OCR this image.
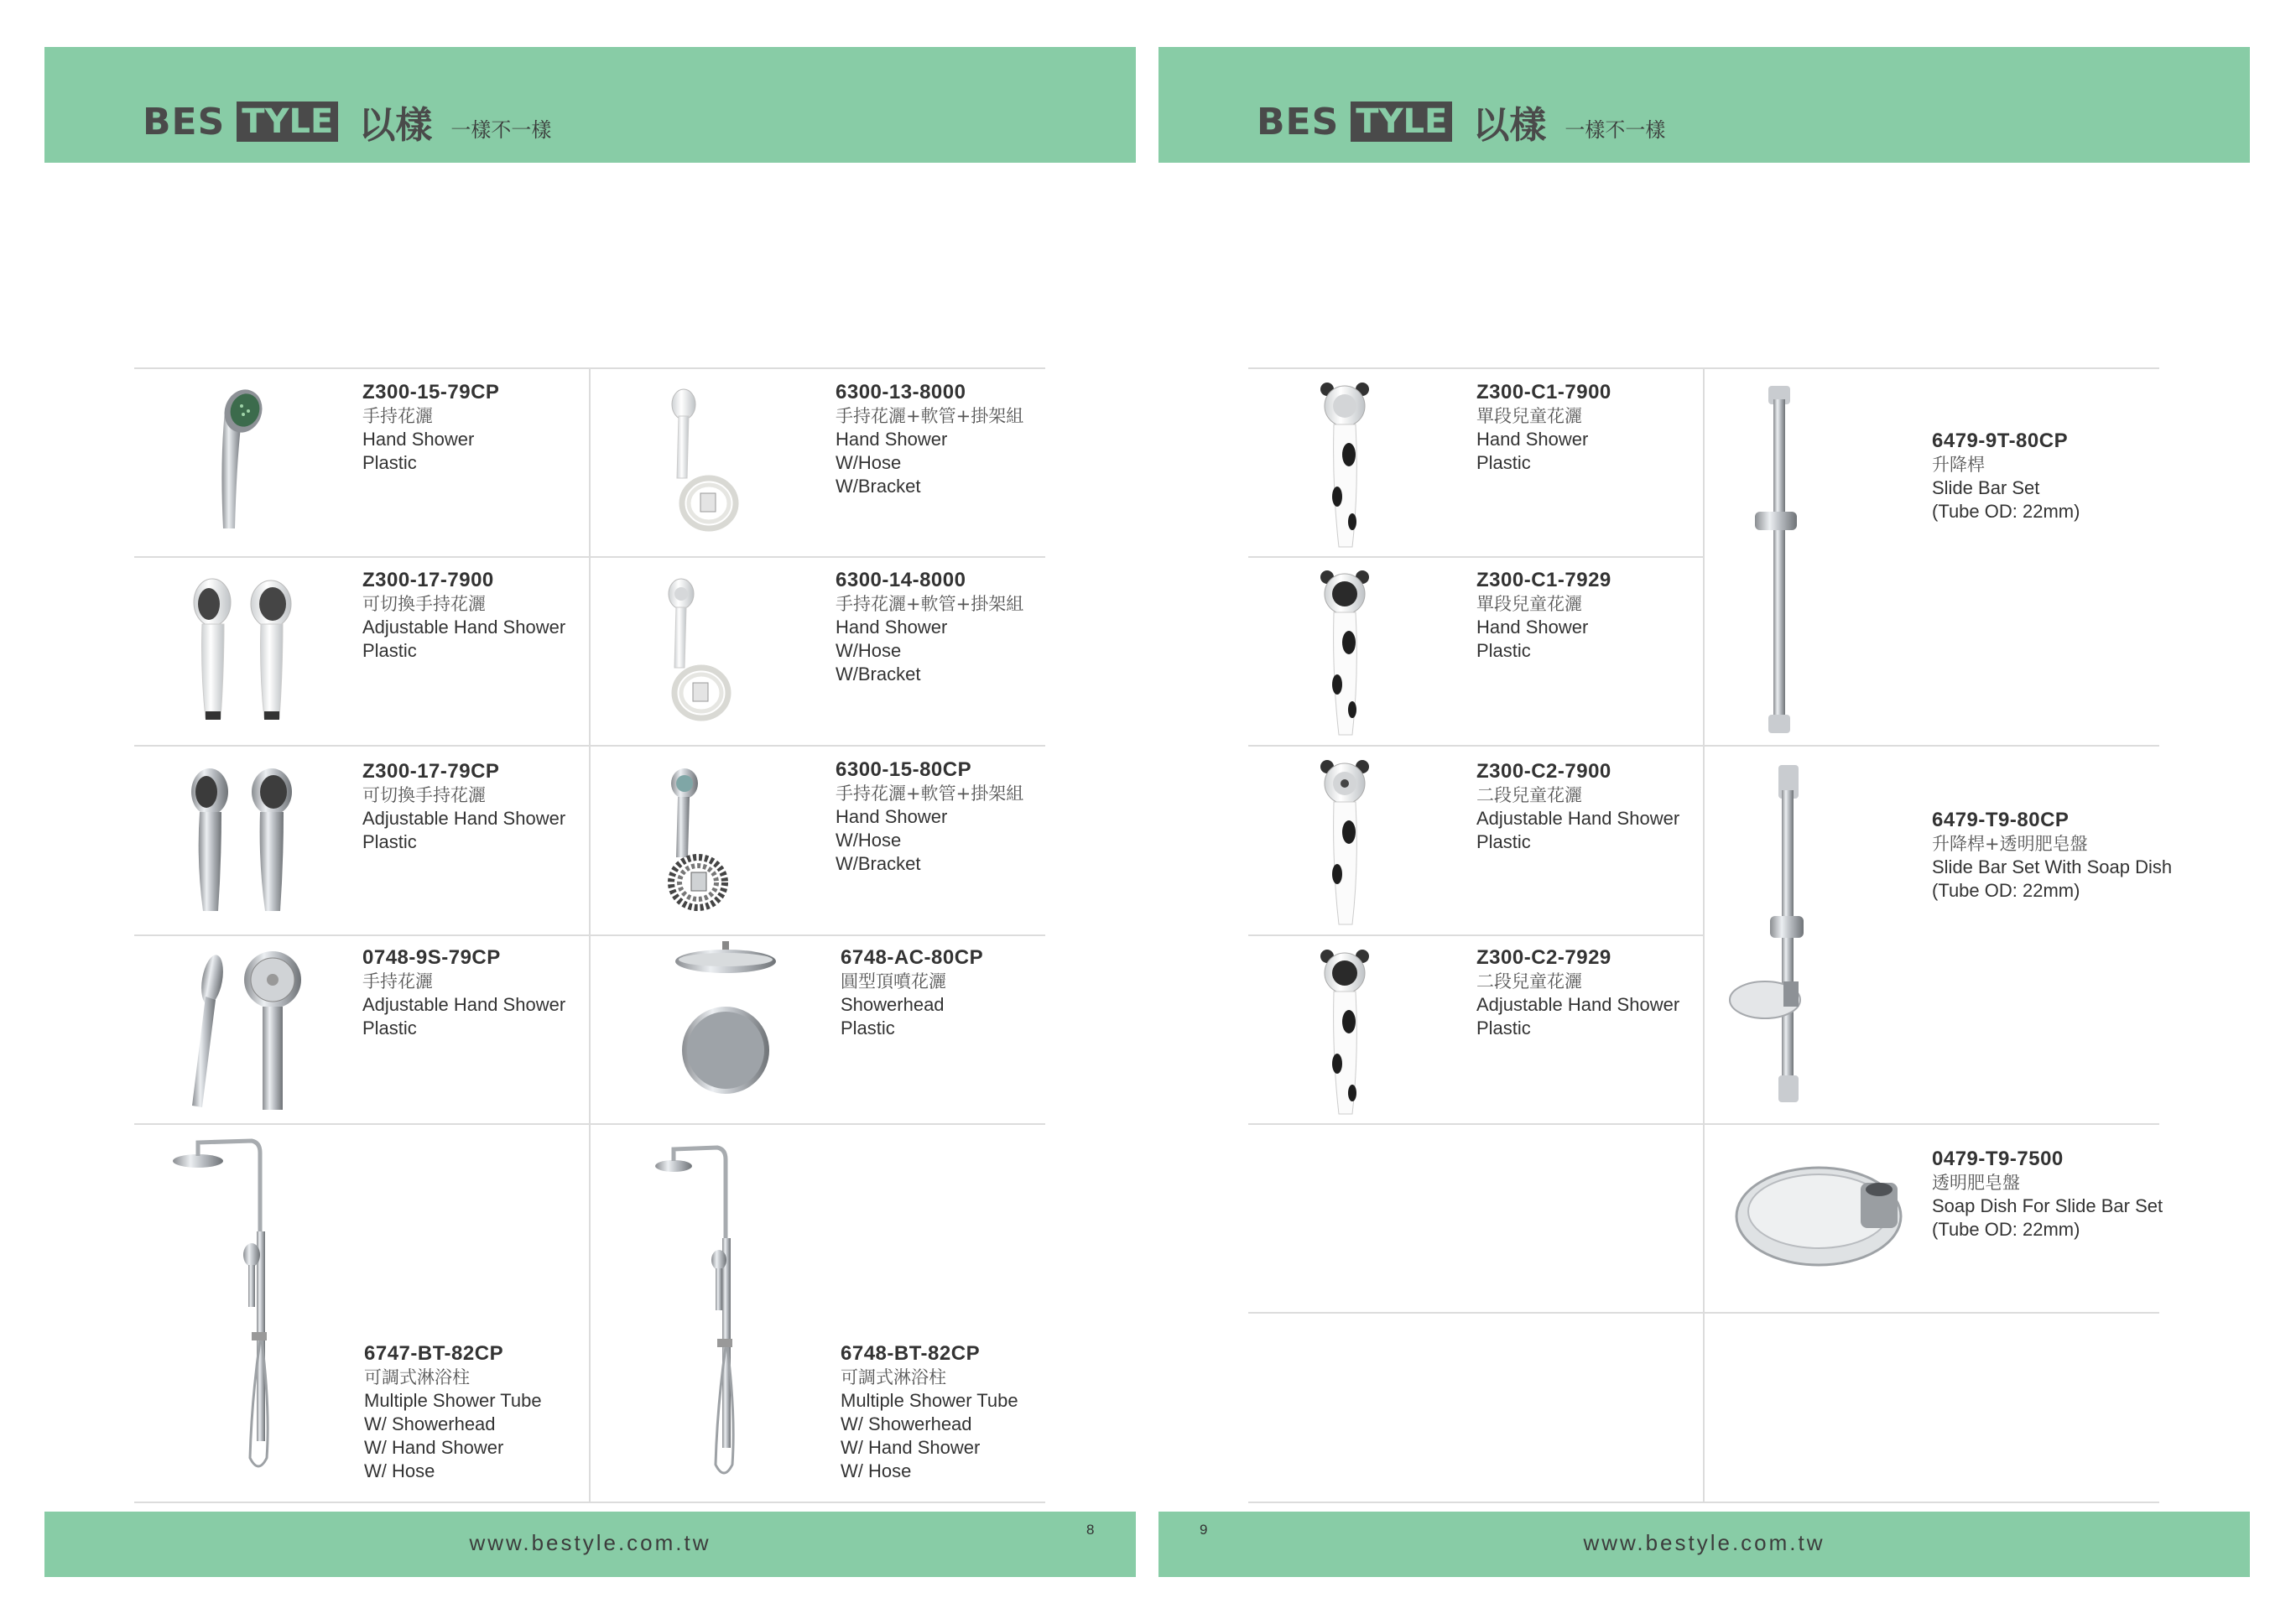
BES TYLE 以樣 一樣不一樣
Z300-15-79CP
手持花灑
Hand Shower
Plastic
6300-13-8000
手持花灑+軟管+掛架組
Hand Shower
W/Hose
W/Bracket
Z300-17-7900
可切換手持花灑
Adjustable Hand Shower
Plastic
6300-14-8000
手持花灑+軟管+掛架組
Hand Shower
W/Hose
W/Bracket
Z300-17-79CP
可切換手持花灑
Adjustable Hand Shower
Plastic
6300-15-80CP
手持花灑+軟管+掛架組
Hand Shower
W/Hose
W/Bracket
0748-9S-79CP
手持花灑
Adjustable Hand Shower
Plastic
6748-AC-80CP
圓型頂噴花灑
Showerhead
Plastic
6747-BT-82CP
可調式淋浴柱
Multiple Shower Tube
W/ Showerhead
W/ Hand Shower
W/ Hose
6748-BT-82CP
可調式淋浴柱
Multiple Shower Tube
W/ Showerhead
W/ Hand Shower
W/ Hose
www.bestyle.com.tw
8
BES TYLE 以樣 一樣不一樣
Z300-C1-7900
單段兒童花灑
Hand Shower
Plastic
Z300-C1-7929
單段兒童花灑
Hand Shower
Plastic
Z300-C2-7900
二段兒童花灑
Adjustable Hand Shower
Plastic
Z300-C2-7929
二段兒童花灑
Adjustable Hand Shower
Plastic
6479-9T-80CP
升降桿
Slide Bar Set
(Tube OD: 22mm)
6479-T9-80CP
升降桿+透明肥皂盤
Slide Bar Set With Soap Dish
(Tube OD: 22mm)
0479-T9-7500
透明肥皂盤
Soap Dish For Slide Bar Set
(Tube OD: 22mm)
www.bestyle.com.tw
9
